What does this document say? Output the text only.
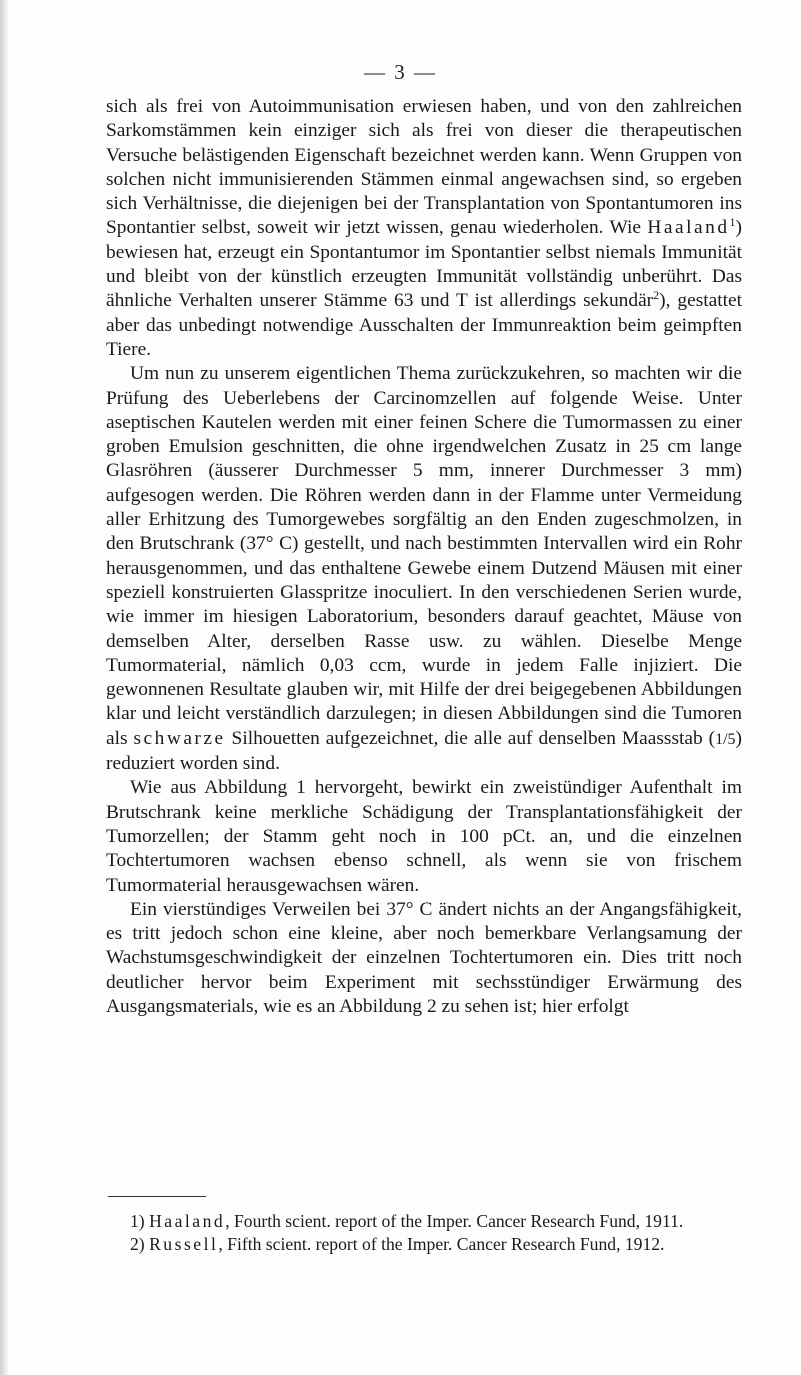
— 3 —

sich als frei von Autoimmunisation erwiesen haben, und von den zahlreichen Sarkomstämmen kein einziger sich als frei von dieser die therapeutischen Versuche belästigenden Eigenschaft bezeichnet werden kann. Wenn Gruppen von solchen nicht immunisierenden Stämmen einmal angewachsen sind, so ergeben sich Verhältnisse, die diejenigen bei der Transplantation von Spontantumoren ins Spontantier selbst, soweit wir jetzt wissen, genau wiederholen. Wie Haaland$^1$) bewiesen hat, erzeugt ein Spontantumor im Spontantier selbst niemals Immunität und bleibt von der künstlich erzeugten Immunität vollständig unberührt. Das ähnliche Verhalten unserer Stämme 63 und T ist allerdings sekundär$^2$), gestattet aber das unbedingt notwendige Ausschalten der Immunreaktion beim geimpften Tiere.

Um nun zu unserem eigentlichen Thema zurückzukehren, so machten wir die Prüfung des Ueberlebens der Carcinomzellen auf folgende Weise. Unter aseptischen Kautelen werden mit einer feinen Schere die Tumormassen zu einer groben Emulsion geschnitten, die ohne irgendwelchen Zusatz in 25 cm lange Glasröhren (äusserer Durchmesser 5 mm, innerer Durchmesser 3 mm) aufgesogen werden. Die Röhren werden dann in der Flamme unter Vermeidung aller Erhitzung des Tumorgewebes sorgfältig an den Enden zugeschmolzen, in den Brutschrank (37° C) gestellt, und nach bestimmten Intervallen wird ein Rohr herausgenommen, und das enthaltene Gewebe einem Dutzend Mäusen mit einer speziell konstruierten Glasspritze inoculiert. In den verschiedenen Serien wurde, wie immer im hiesigen Laboratorium, besonders darauf geachtet, Mäuse von demselben Alter, derselben Rasse usw. zu wählen. Dieselbe Menge Tumormaterial, nämlich 0,03 ccm, wurde in jedem Falle injiziert. Die gewonnenen Resultate glauben wir, mit Hilfe der drei beigegebenen Abbildungen klar und leicht verständlich darzulegen; in diesen Abbildungen sind die Tumoren als schwarze Silhouetten aufgezeichnet, die alle auf denselben Maassstab (1/5) reduziert worden sind.

Wie aus Abbildung 1 hervorgeht, bewirkt ein zweistündiger Aufenthalt im Brutschrank keine merkliche Schädigung der Transplantationsfähigkeit der Tumorzellen; der Stamm geht noch in 100 pCt. an, und die einzelnen Tochtertumoren wachsen ebenso schnell, als wenn sie von frischem Tumormaterial herausgewachsen wären.

Ein vierstündiges Verweilen bei 37° C ändert nichts an der Angangsfähigkeit, es tritt jedoch schon eine kleine, aber noch bemerkbare Verlangsamung der Wachstumsgeschwindigkeit der einzelnen Tochtertumoren ein. Dies tritt noch deutlicher hervor beim Experiment mit sechsstündiger Erwärmung des Ausgangsmaterials, wie es an Abbildung 2 zu sehen ist; hier erfolgt

1) Haaland, Fourth scient. report of the Imper. Cancer Research Fund, 1911.

2) Russell, Fifth scient. report of the Imper. Cancer Research Fund, 1912.
